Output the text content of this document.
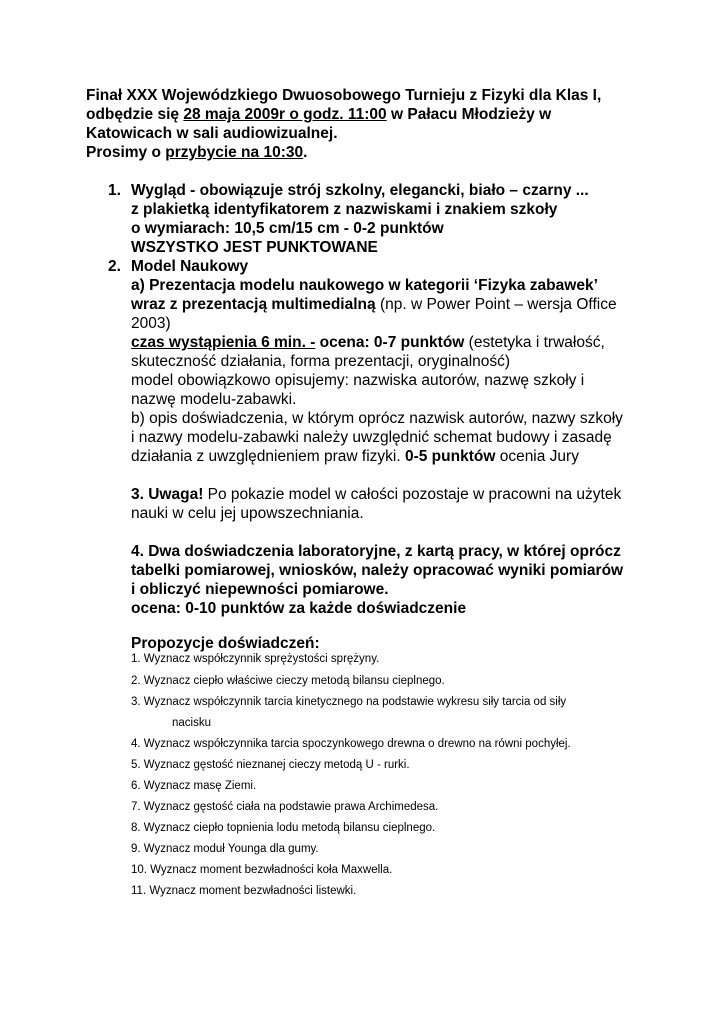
Finał XXX Wojewódzkiego Dwuosobowego Turnieju z Fizyki dla Klas I,
odbędzie się 28 maja 2009r o godz. 11:00 w Pałacu Młodzieży w
Katowicach w sali audiowizualnej.
Prosimy o przybycie na 10:30.
1. Wygląd - obowiązuje strój szkolny, elegancki, biało – czarny ...
z plakietką identyfikatorem z nazwiskami i znakiem szkoły
o wymiarach: 10,5 cm/15 cm - 0-2 punktów
WSZYSTKO JEST PUNKTOWANE
2. Model Naukowy
a) Prezentacja modelu naukowego w kategorii ‘Fizyka zabawek’
wraz z prezentacją multimedialną (np. w Power Point – wersja Office
2003)
czas wystąpienia 6 min. - ocena: 0-7 punktów (estetyka i trwałość,
skuteczność działania, forma prezentacji, oryginalność)
model obowiązkowo opisujemy: nazwiska autorów, nazwę szkoły i
nazwę modelu-zabawki.
b) opis doświadczenia, w którym oprócz nazwisk autorów, nazwy szkoły
i nazwy modelu-zabawki należy uwzględnić schemat budowy i zasadę
działania z uwzględnieniem praw fizyki. 0-5 punktów ocenia Jury
3. Uwaga! Po pokazie model w całości pozostaje w pracowni na użytek
nauki w celu jej upowszechniania.
4. Dwa doświadczenia laboratoryjne, z kartą pracy, w której oprócz
tabelki pomiarowej, wniosków, należy opracować wyniki pomiarów
i obliczyć niepewności pomiarowe.
ocena: 0-10 punktów za każde doświadczenie
Propozycje doświadczeń:
1. Wyznacz współczynnik sprężystości sprężyny.
2. Wyznacz ciepło właściwe cieczy metodą bilansu cieplnego.
3. Wyznacz współczynnik tarcia kinetycznego na podstawie wykresu siły tarcia od siły
nacisku
4. Wyznacz współczynnika tarcia spoczynkowego drewna o drewno na równi pochyłej.
5. Wyznacz gęstość nieznanej cieczy metodą U - rurki.
6. Wyznacz masę Ziemi.
7. Wyznacz gęstość ciała na podstawie prawa Archimedesa.
8. Wyznacz ciepło topnienia lodu metodą bilansu cieplnego.
9. Wyznacz moduł Younga dla gumy.
10. Wyznacz moment bezwładności koła Maxwella.
11. Wyznacz moment bezwładności listewki.
